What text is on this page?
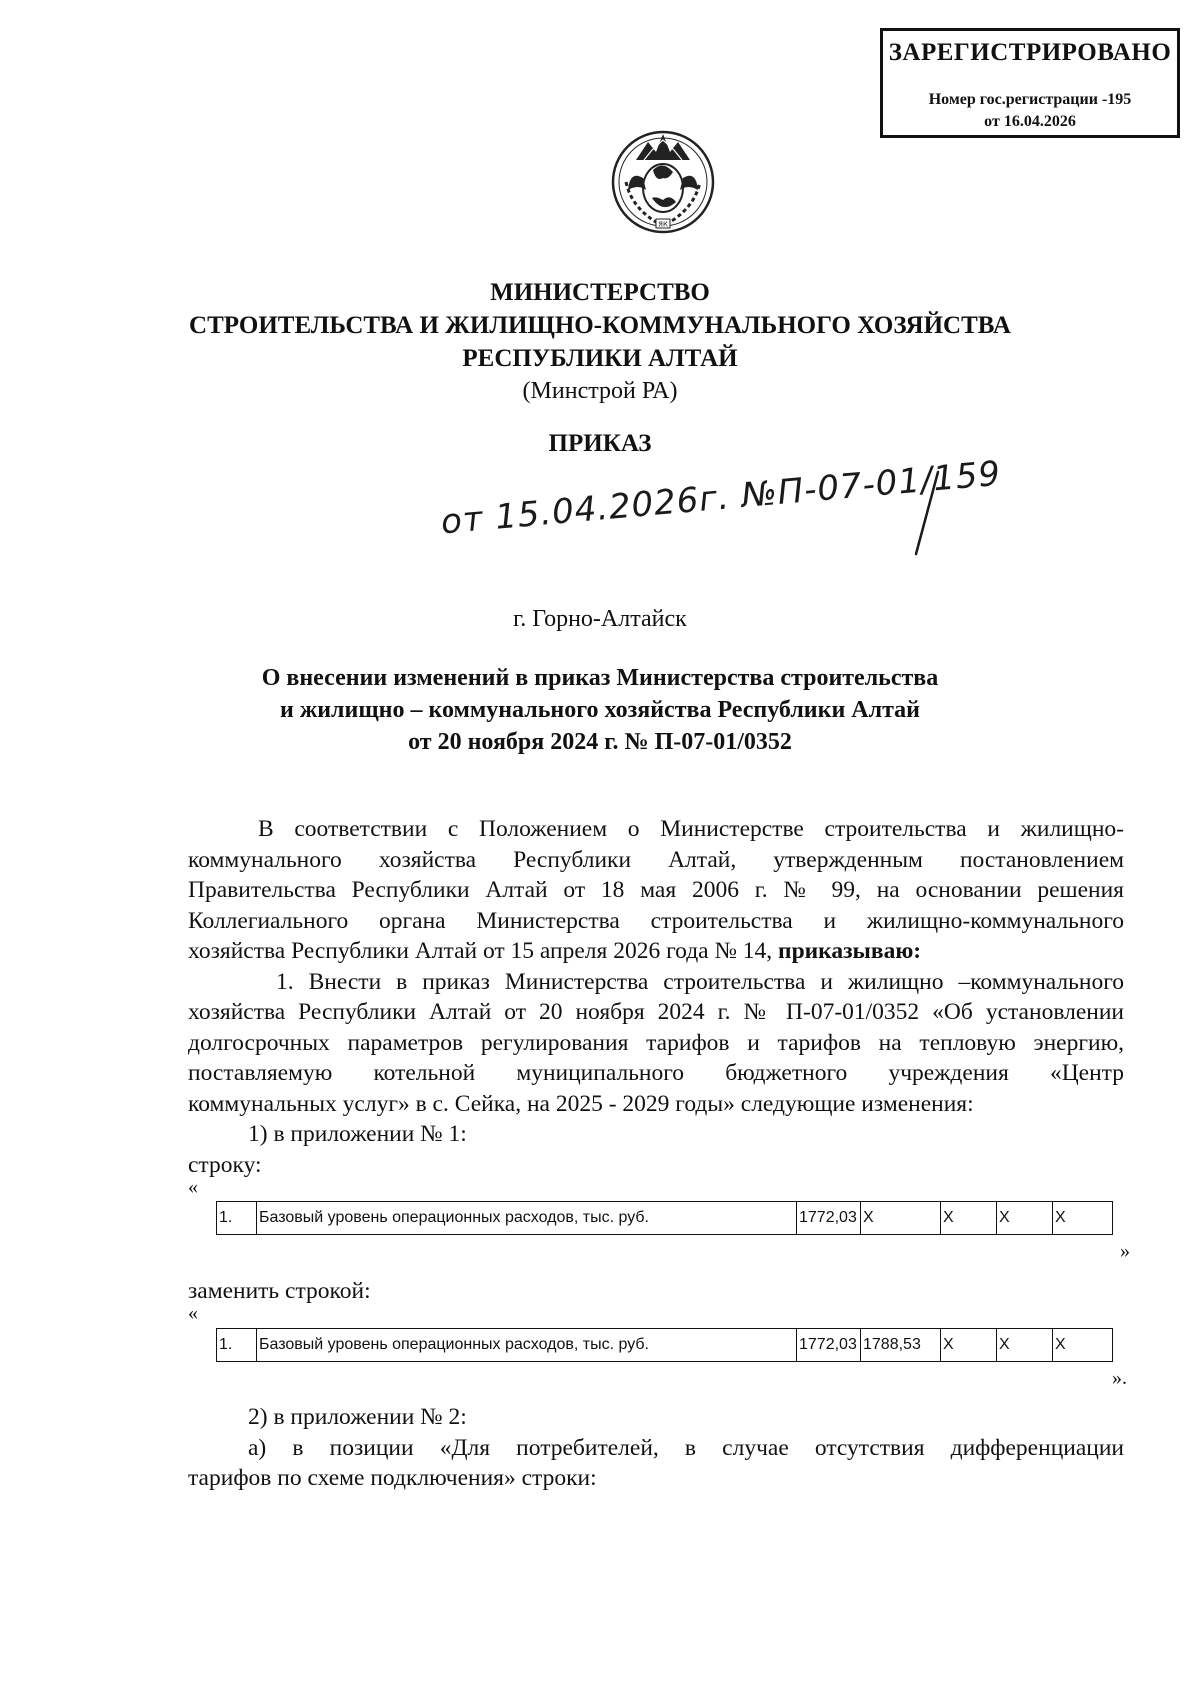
ЗАРЕГИСТРИРОВАНО
Номер гос.регистрации -195
от 16.04.2026
ЯК
МИНИСТЕРСТВО
СТРОИТЕЛЬСТВА И ЖИЛИЩНО-КОММУНАЛЬНОГО ХОЗЯЙСТВА
РЕСПУБЛИКИ АЛТАЙ
(Минстрой РА)
ПРИКАЗ
от 15.04.2026г. №П-07-01/159
г. Горно-Алтайск
О внесении изменений в приказ Министерства строительства
и жилищно – коммунального хозяйства Республики Алтай
от 20 ноября 2024 г. № П-07-01/0352
В соответствии с Положением о Министерстве строительства и жилищно-
коммунального хозяйства Республики Алтай, утвержденным постановлением
Правительства Республики Алтай от 18 мая 2006 г. № 99, на основании решения
Коллегиального органа Министерства строительства и жилищно-коммунального
хозяйства Республики Алтай от 15 апреля 2026 года № 14, приказываю:
1. Внести в приказ Министерства строительства и жилищно –коммунального
хозяйства Республики Алтай от 20 ноября 2024 г. № П-07-01/0352 «Об установлении
долгосрочных параметров регулирования тарифов и тарифов на тепловую энергию,
поставляемую котельной муниципального бюджетного учреждения «Центр
коммунальных услуг» в с. Сейка, на 2025 - 2029 годы» следующие изменения:
1) в приложении № 1:
строку:
«
1.	Базовый уровень операционных расходов, тыс. руб.	1772,03	X	X	X	X
»
заменить строкой:
«
1.	Базовый уровень операционных расходов, тыс. руб.	1772,03	1788,53	X	X	X
».
2) в приложении № 2:
а) в позиции «Для потребителей, в случае отсутствия дифференциации
тарифов по схеме подключения» строки:
